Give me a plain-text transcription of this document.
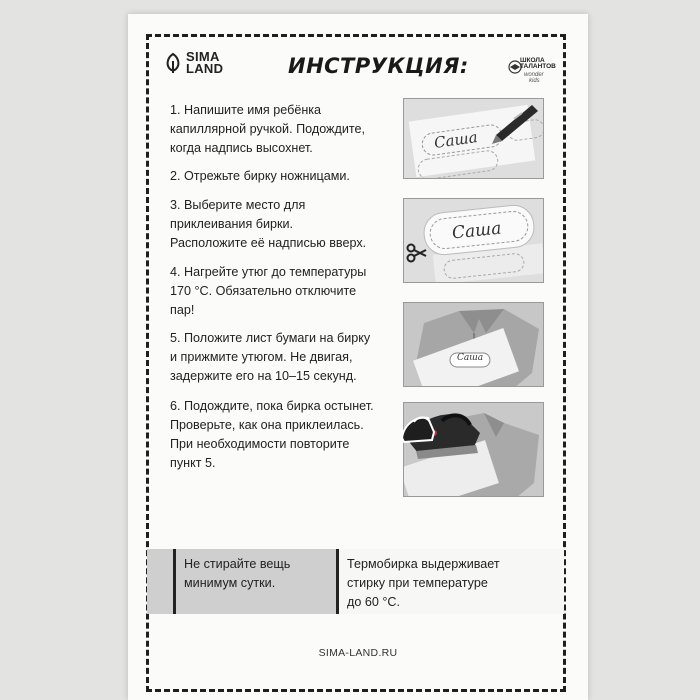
SIMA
LAND	ИНСТРУКЦИЯ:	ШКОЛА
ТАЛАНТОВ
wonder
kids
1. Напишите имя ребёнка
капиллярной ручкой. Подождите,
когда надпись высохнет.
2. Отрежьте бирку ножницами.
3. Выберите место для
приклеивания бирки.
Расположите её надписью вверх.
4. Нагрейте утюг до температуры
170 °С. Обязательно отключите
пар!
5. Положите лист бумаги на бирку
и прижмите утюгом. Не двигая,
задержите его на 10–15 секунд.
6. Подождите, пока бирка остынет.
Проверьте, как она приклеилась.
При необходимости повторите
пункт 5.
Саша
Саша
Саша
Не стирайте вещь
минимум сутки.
Термобирка выдерживает
стирку при температуре
до 60 °С.
SIMA-LAND.RU
